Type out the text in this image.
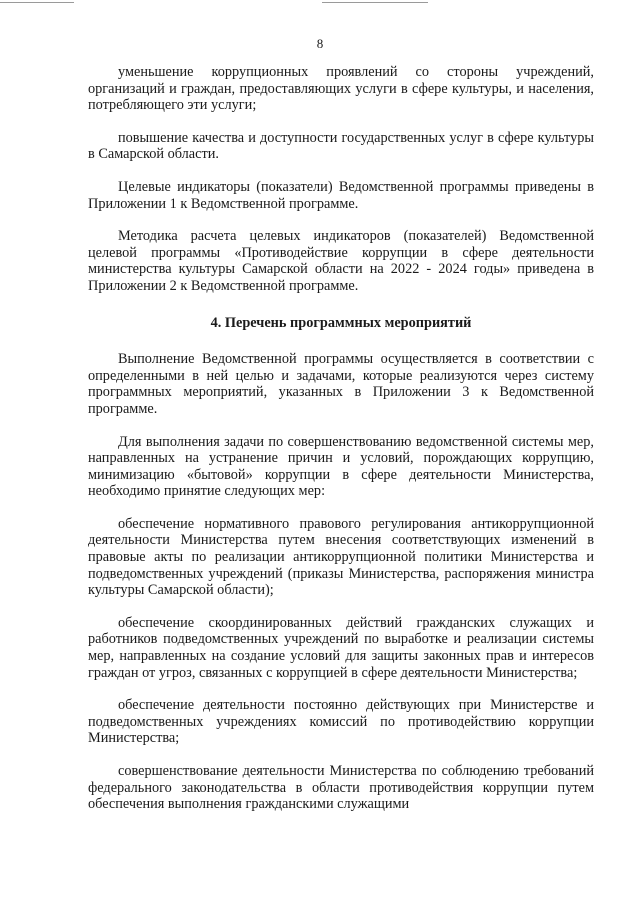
8

уменьшение коррупционных проявлений со стороны учреждений, организаций и граждан, предоставляющих услуги в сфере культуры, и населения, потребляющего эти услуги;

повышение качества и доступности государственных услуг в сфере культуры в Самарской области.

Целевые индикаторы (показатели) Ведомственной программы приведены в Приложении 1 к Ведомственной программе.

Методика расчета целевых индикаторов (показателей) Ведомственной целевой программы «Противодействие коррупции в сфере деятельности министерства культуры Самарской области на 2022 - 2024 годы» приведена в Приложении 2 к Ведомственной программе.

4. Перечень программных мероприятий

Выполнение Ведомственной программы осуществляется в соответствии с определенными в ней целью и задачами, которые реализуются через систему программных мероприятий, указанных в Приложении 3 к Ведомственной программе.

Для выполнения задачи по совершенствованию ведомственной системы мер, направленных на устранение причин и условий, порождающих коррупцию, минимизацию «бытовой» коррупции в сфере деятельности Министерства, необходимо принятие следующих мер:

обеспечение нормативного правового регулирования антикоррупционной деятельности Министерства путем внесения соответствующих изменений в правовые акты по реализации антикоррупционной политики Министерства и подведомственных учреждений (приказы Министерства, распоряжения министра культуры Самарской области);

обеспечение скоординированных действий гражданских служащих и работников подведомственных учреждений по выработке и реализации системы мер, направленных на создание условий для защиты законных прав и интересов граждан от угроз, связанных с коррупцией в сфере деятельности Министерства;

обеспечение деятельности постоянно действующих при Министерстве и подведомственных учреждениях комиссий по противодействию коррупции Министерства;

совершенствование деятельности Министерства по соблюдению требований федерального законодательства в области противодействия коррупции путем обеспечения выполнения гражданскими служащими
